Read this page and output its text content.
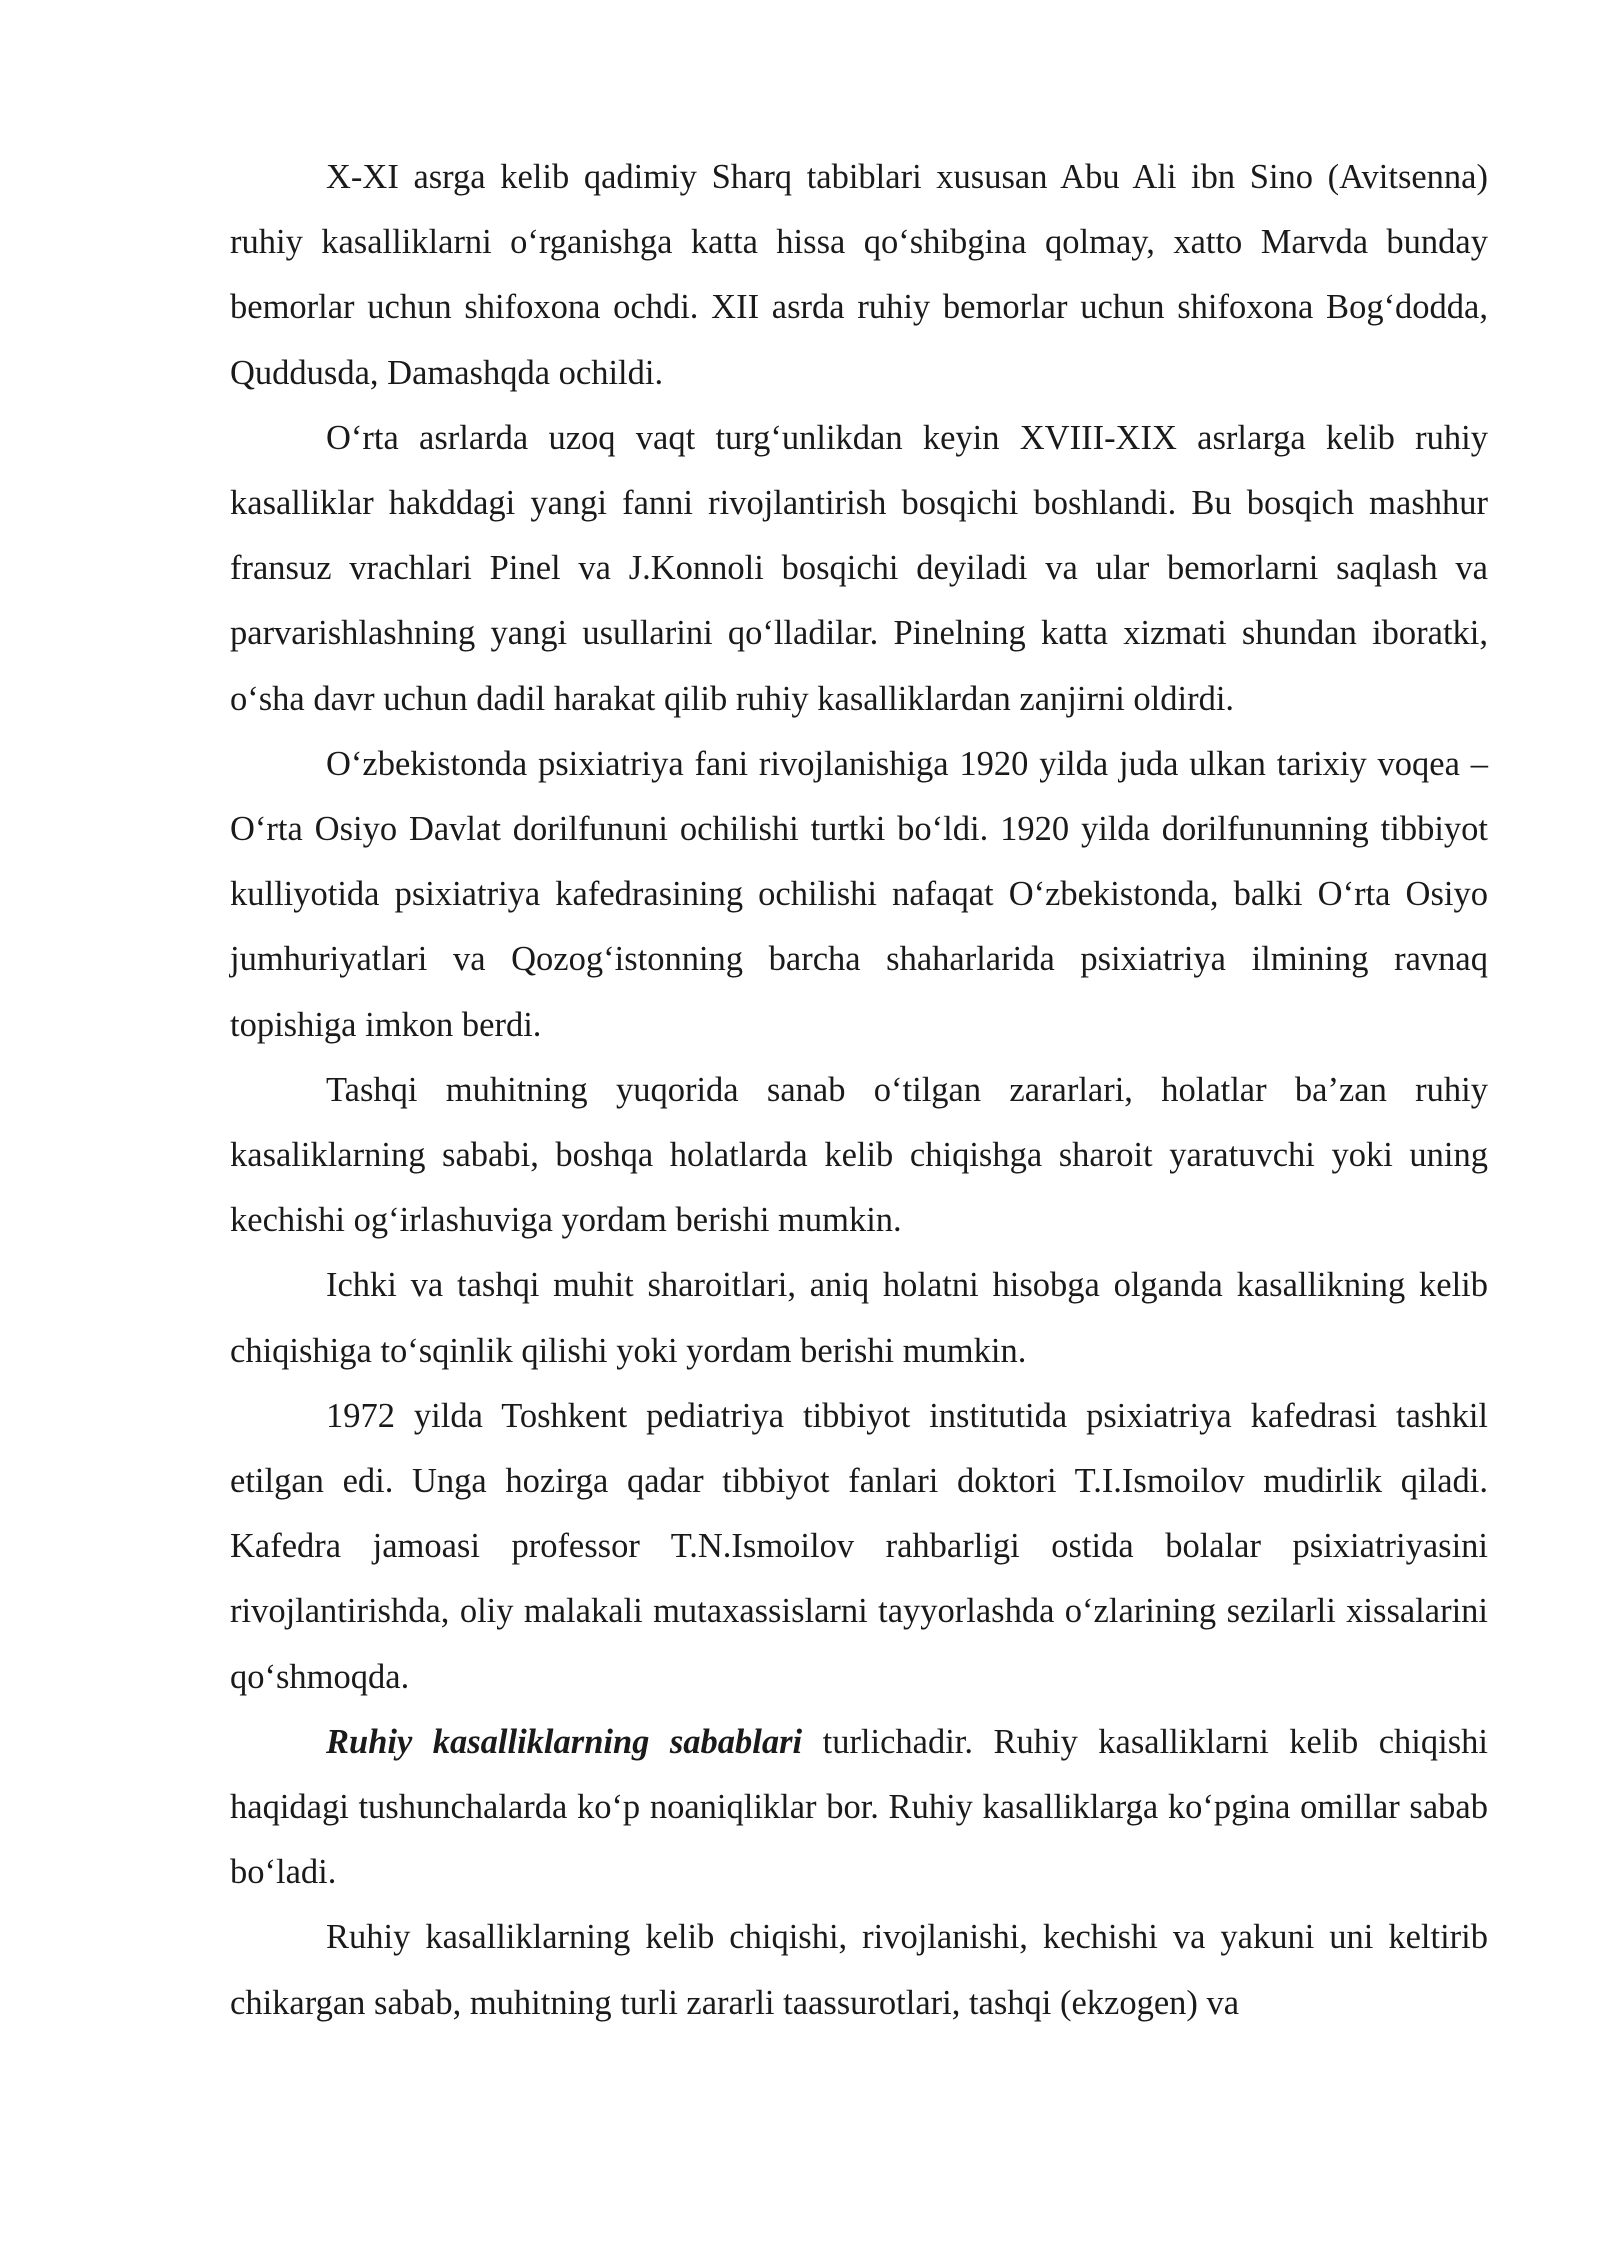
X-XI asrga kelib qadimiy Sharq tabiblari xususan Abu Ali ibn Sino (Avitsenna) ruhiy kasalliklarni oʻrganishga katta hissa qoʻshibgina qolmay, xatto Marvda bunday bemorlar uchun shifoxona ochdi. XII asrda ruhiy bemorlar uchun shifoxona Bogʻdodda, Quddusda, Damashqda ochildi.

Oʻrta asrlarda uzoq vaqt turgʻunlikdan keyin XVIII-XIX asrlarga kelib ruhiy kasalliklar hakddagi yangi fanni rivojlantirish bosqichi boshlandi. Bu bosqich mashhur fransuz vrachlari Pinel va J.Konnoli bosqichi deyiladi va ular bemorlarni saqlash va parvarishlashning yangi usullarini qoʻlladilar. Pinelning katta xizmati shundan iboratki, oʻsha davr uchun dadil harakat qilib ruhiy kasalliklardan zanjirni oldirdi.

Oʻzbekistonda psixiatriya fani rivojlanishiga 1920 yilda juda ulkan tarixiy voqea – Oʻrta Osiyo Davlat dorilfununi ochilishi turtki boʻldi. 1920 yilda dorilfununning tibbiyot kulliyotida psixiatriya kafedrasining ochilishi nafaqat Oʻzbekistonda, balki Oʻrta Osiyo jumhuriyatlari va Qozogʻistonning barcha shaharlarida psixiatriya ilmining ravnaq topishiga imkon berdi.

Tashqi muhitning yuqorida sanab oʻtilgan zararlari, holatlar ba’zan ruhiy kasaliklarning sababi, boshqa holatlarda kelib chiqishga sharoit yaratuvchi yoki uning kechishi ogʻirlashuviga yordam berishi mumkin.

Ichki va tashqi muhit sharoitlari, aniq holatni hisobga olganda kasallikning kelib chiqishiga toʻsqinlik qilishi yoki yordam berishi mumkin.

1972 yilda Toshkent pediatriya tibbiyot institutida psixiatriya kafedrasi tashkil etilgan edi. Unga hozirga qadar tibbiyot fanlari doktori T.I.Ismoilov mudirlik qiladi. Kafedra jamoasi professor T.N.Ismoilov rahbarligi ostida bolalar psixiatriyasini rivojlantirishda, oliy malakali mutaxassislarni tayyorlashda oʻzlarining sezilarli xissalarini qoʻshmoqda.

Ruhiy kasalliklarning sabablari turlichadir. Ruhiy kasalliklarni kelib chiqishi haqidagi tushunchalarda koʻp noaniqliklar bor. Ruhiy kasalliklarga koʻpgina omillar sabab boʻladi.

Ruhiy kasalliklarning kelib chiqishi, rivojlanishi, kechishi va yakuni uni keltirib chikargan sabab, muhitning turli zararli taassurotlari, tashqi (ekzogen) va
